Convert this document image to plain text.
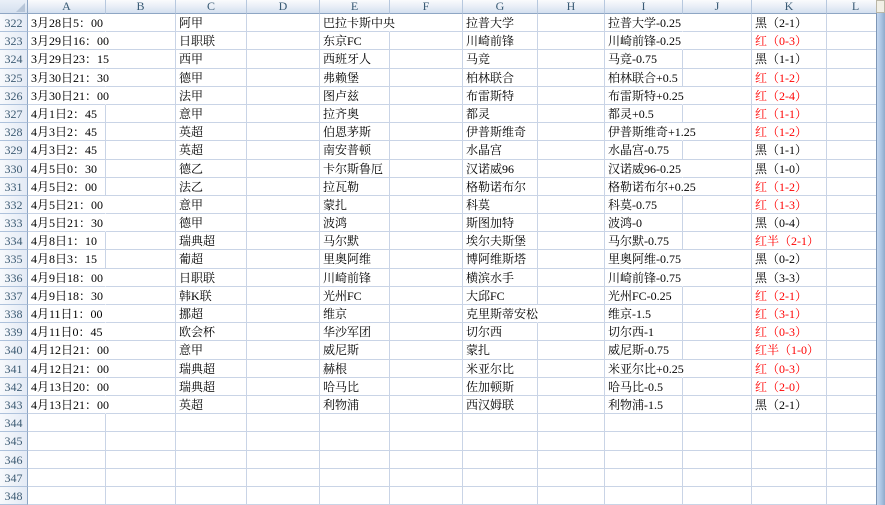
A	B	C	D	E	F	G	H	I	J	K	L
322 3月28日5：00	阿甲	巴拉卡斯中央	拉普大学	拉普大学-0.25	黑（2-1）
323 3月29日16：00	日职联	东京FC	川崎前锋	川崎前锋-0.25	红（0-3）
324 3月29日23：15	西甲	西班牙人	马竞	马竞-0.75	黑（1-1）
325 3月30日21：30	德甲	弗赖堡	柏林联合	柏林联合+0.5	红（1-2）
326 3月30日21：00	法甲	图卢兹	布雷斯特	布雷斯特+0.25	红（2-4）
327 4月1日2：45	意甲	拉齐奥	都灵	都灵+0.5	红（1-1）
328 4月3日2：45	英超	伯恩茅斯	伊普斯维奇	伊普斯维奇+1.25	红（1-2）
329 4月3日2：45	英超	南安普顿	水晶宫	水晶宫-0.75	黑（1-1）
330 4月5日0：30	德乙	卡尔斯鲁厄	汉诺威96	汉诺威96-0.25	黑（1-0）
331 4月5日2：00	法乙	拉瓦勒	格勒诺布尔	格勒诺布尔+0.25	红（1-2）
332 4月5日21：00	意甲	蒙扎	科莫	科莫-0.75	红（1-3）
333 4月5日21：30	德甲	波鸿	斯图加特	波鸿-0	黑（0-4）
334 4月8日1：10	瑞典超	马尔默	埃尔夫斯堡	马尔默-0.75	红半（2-1）
335 4月8日3：15	葡超	里奥阿维	博阿维斯塔	里奥阿维-0.75	黑（0-2）
336 4月9日18：00	日职联	川崎前锋	横滨水手	川崎前锋-0.75	黑（3-3）
337 4月9日18：30	韩K联	光州FC	大邱FC	光州FC-0.25	红（2-1）
338 4月11日1：00	挪超	维京	克里斯蒂安松	维京-1.5	红（3-1）
339 4月11日0：45	欧会杯	华沙军团	切尔西	切尔西-1	红（0-3）
340 4月12日21：00	意甲	威尼斯	蒙扎	威尼斯-0.75	红半（1-0）
341 4月12日21：00	瑞典超	赫根	米亚尔比	米亚尔比+0.25	红（0-3）
342 4月13日20：00	瑞典超	哈马比	佐加顿斯	哈马比-0.5	红（2-0）
343 4月13日21：00	英超	利物浦	西汉姆联	利物浦-1.5	黑（2-1）
344
345
346
347
348
